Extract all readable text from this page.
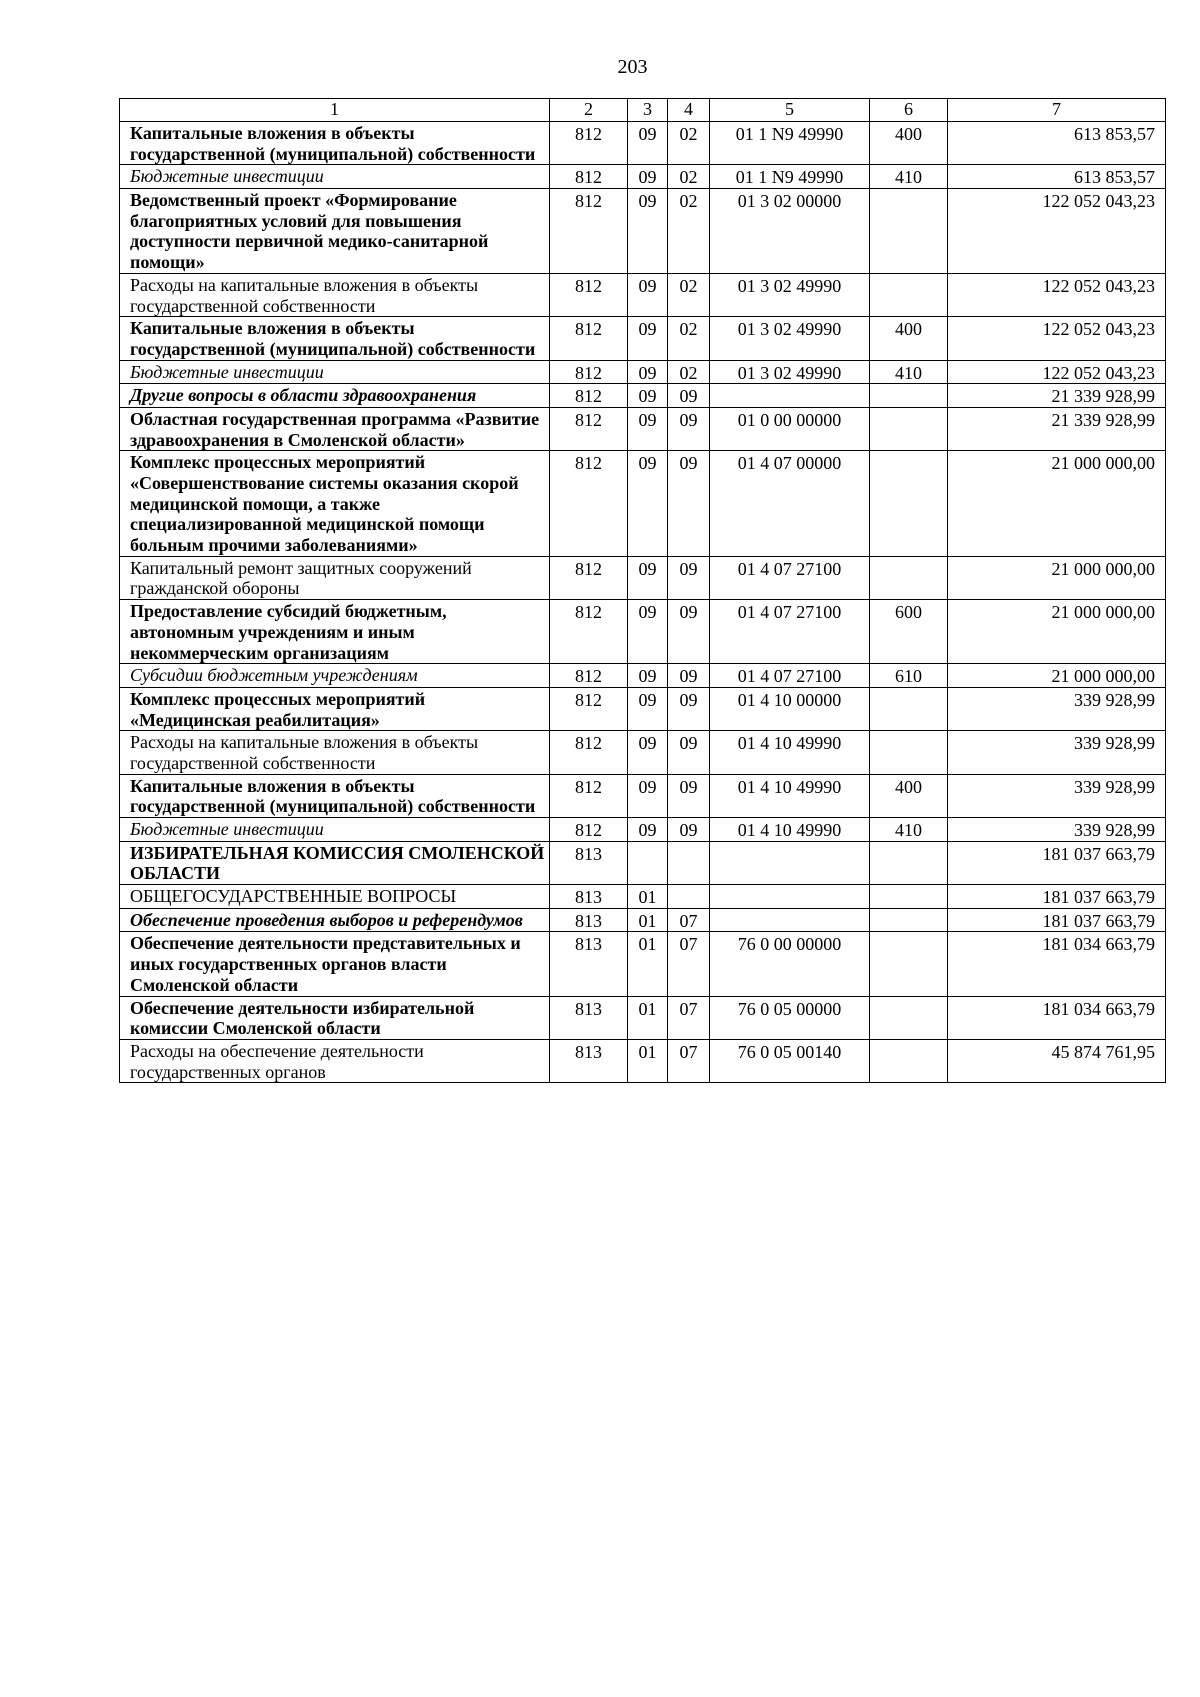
203
1	2	3	4	5	6	7
Капитальные вложения в объекты государственной (муниципальной) собственности	812	09	02	01 1 N9 49990	400	613 853,57
Бюджетные инвестиции	812	09	02	01 1 N9 49990	410	613 853,57
Ведомственный проект «Формирование благоприятных условий для повышения доступности первичной медико-санитарной помощи»	812	09	02	01 3 02 00000		122 052 043,23
Расходы на капитальные вложения в объекты государственной собственности	812	09	02	01 3 02 49990		122 052 043,23
Капитальные вложения в объекты государственной (муниципальной) собственности	812	09	02	01 3 02 49990	400	122 052 043,23
Бюджетные инвестиции	812	09	02	01 3 02 49990	410	122 052 043,23
Другие вопросы в области здравоохранения	812	09	09			21 339 928,99
Областная государственная программа «Развитие здравоохранения в Смоленской области»	812	09	09	01 0 00 00000		21 339 928,99
Комплекс процессных мероприятий «Совершенствование системы оказания скорой медицинской помощи, а также специализированной медицинской помощи больным прочими заболеваниями»	812	09	09	01 4 07 00000		21 000 000,00
Капитальный ремонт защитных сооружений гражданской обороны	812	09	09	01 4 07 27100		21 000 000,00
Предоставление субсидий бюджетным, автономным учреждениям и иным некоммерческим организациям	812	09	09	01 4 07 27100	600	21 000 000,00
Субсидии бюджетным учреждениям	812	09	09	01 4 07 27100	610	21 000 000,00
Комплекс процессных мероприятий «Медицинская реабилитация»	812	09	09	01 4 10 00000		339 928,99
Расходы на капитальные вложения в объекты государственной собственности	812	09	09	01 4 10 49990		339 928,99
Капитальные вложения в объекты государственной (муниципальной) собственности	812	09	09	01 4 10 49990	400	339 928,99
Бюджетные инвестиции	812	09	09	01 4 10 49990	410	339 928,99
ИЗБИРАТЕЛЬНАЯ КОМИССИЯ СМОЛЕНСКОЙ ОБЛАСТИ	813					181 037 663,79
ОБЩЕГОСУДАРСТВЕННЫЕ ВОПРОСЫ	813	01				181 037 663,79
Обеспечение проведения выборов и референдумов	813	01	07			181 037 663,79
Обеспечение деятельности представительных и иных государственных органов власти Смоленской области	813	01	07	76 0 00 00000		181 034 663,79
Обеспечение деятельности избирательной комиссии Смоленской области	813	01	07	76 0 05 00000		181 034 663,79
Расходы на обеспечение деятельности государственных органов	813	01	07	76 0 05 00140		45 874 761,95
